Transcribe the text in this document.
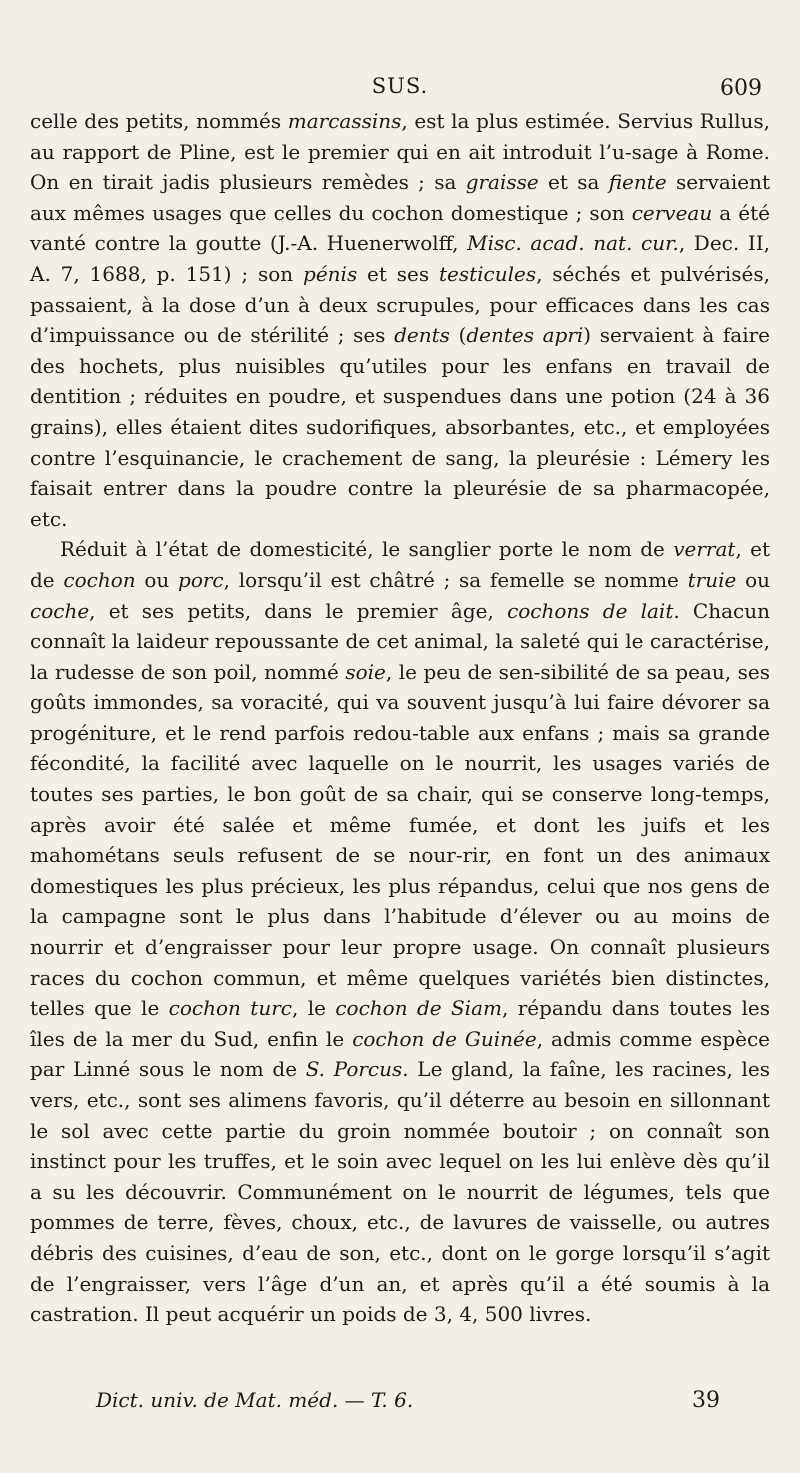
SUS.	609

celle des petits, nommés marcassins, est la plus estimée. Servius Rullus, au rapport de Pline, est le premier qui en ait introduit l’u-sage à Rome. On en tirait jadis plusieurs remèdes ; sa graisse et sa fiente servaient aux mêmes usages que celles du cochon domestique ; son cerveau a été vanté contre la goutte (J.-A. Huenerwolff, Misc. acad. nat. cur., Dec. II, A. 7, 1688, p. 151) ; son pénis et ses testicules, séchés et pulvérisés, passaient, à la dose d’un à deux scrupules, pour efficaces dans les cas d’impuissance ou de stérilité ; ses dents (dentes apri) servaient à faire des hochets, plus nuisibles qu’utiles pour les enfans en travail de dentition ; réduites en poudre, et suspendues dans une potion (24 à 36 grains), elles étaient dites sudorifiques, absorbantes, etc., et employées contre l’esquinancie, le crachement de sang, la pleurésie : Lémery les faisait entrer dans la poudre contre la pleurésie de sa pharmacopée, etc.

Réduit à l’état de domesticité, le sanglier porte le nom de verrat, et de cochon ou porc, lorsqu’il est châtré ; sa femelle se nomme truie ou coche, et ses petits, dans le premier âge, cochons de lait. Chacun connaît la laideur repoussante de cet animal, la saleté qui le caractérise, la rudesse de son poil, nommé soie, le peu de sen-sibilité de sa peau, ses goûts immondes, sa voracité, qui va souvent jusqu’à lui faire dévorer sa progéniture, et le rend parfois redou-table aux enfans ; mais sa grande fécondité, la facilité avec laquelle on le nourrit, les usages variés de toutes ses parties, le bon goût de sa chair, qui se conserve long-temps, après avoir été salée et même fumée, et dont les juifs et les mahométans seuls refusent de se nour-rir, en font un des animaux domestiques les plus précieux, les plus répandus, celui que nos gens de la campagne sont le plus dans l’habitude d’élever ou au moins de nourrir et d’engraisser pour leur propre usage. On connaît plusieurs races du cochon commun, et même quelques variétés bien distinctes, telles que le cochon turc, le cochon de Siam, répandu dans toutes les îles de la mer du Sud, enfin le cochon de Guinée, admis comme espèce par Linné sous le nom de S. Porcus. Le gland, la faîne, les racines, les vers, etc., sont ses alimens favoris, qu’il déterre au besoin en sillonnant le sol avec cette partie du groin nommée boutoir ; on connaît son instinct pour les truffes, et le soin avec lequel on les lui enlève dès qu’il a su les découvrir. Communément on le nourrit de légumes, tels que pommes de terre, fèves, choux, etc., de lavures de vaisselle, ou autres débris des cuisines, d’eau de son, etc., dont on le gorge lorsqu’il s’agit de l’engraisser, vers l’âge d’un an, et après qu’il a été soumis à la castration. Il peut acquérir un poids de 3, 4, 500 livres.

Dict. univ. de Mat. méd. — T. 6.	39
